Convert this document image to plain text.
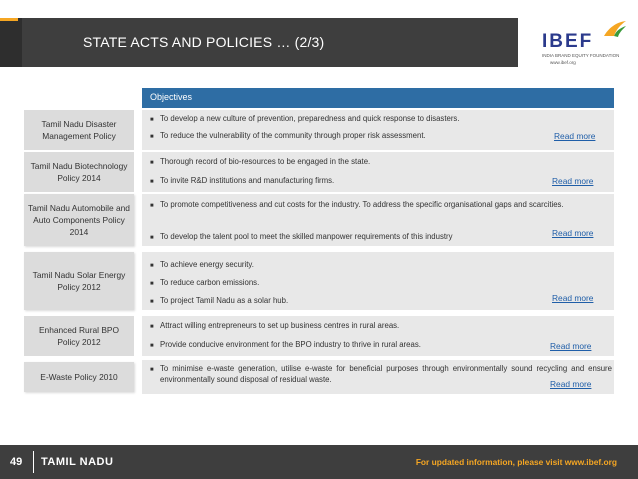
STATE ACTS AND POLICIES … (2/3)	IBEF
INDIA BRAND EQUITY FOUNDATION
www.ibef.org
Objectives
Tamil Nadu Disaster Management Policy
■ To develop a new culture of prevention, preparedness and quick response to disasters.
■ To reduce the vulnerability of the community through proper risk assessment.	Read more
Tamil Nadu Biotechnology Policy 2014
■ Thorough record of bio-resources to be engaged in the state.
■ To invite R&D institutions and manufacturing firms.	Read more
Tamil Nadu Automobile and Auto Components Policy 2014
■ To promote competitiveness and cut costs for the industry. To address the specific organisational gaps and scarcities.
■ To develop the talent pool to meet the skilled manpower requirements of this industry	Read more
Tamil Nadu Solar Energy Policy 2012
■ To achieve energy security.
■ To reduce carbon emissions.
■ To project Tamil Nadu as a solar hub.	Read more
Enhanced Rural BPO Policy 2012
■ Attract willing entrepreneurs to set up business centres in rural areas.
■ Provide conducive environment for the BPO industry to thrive in rural areas.	Read more
E-Waste Policy 2010
■ To minimise e-waste generation, utilise e-waste for beneficial purposes through environmentally sound recycling and ensure environmentally sound disposal of residual waste.	Read more
49 TAMIL NADU	For updated information, please visit www.ibef.org
